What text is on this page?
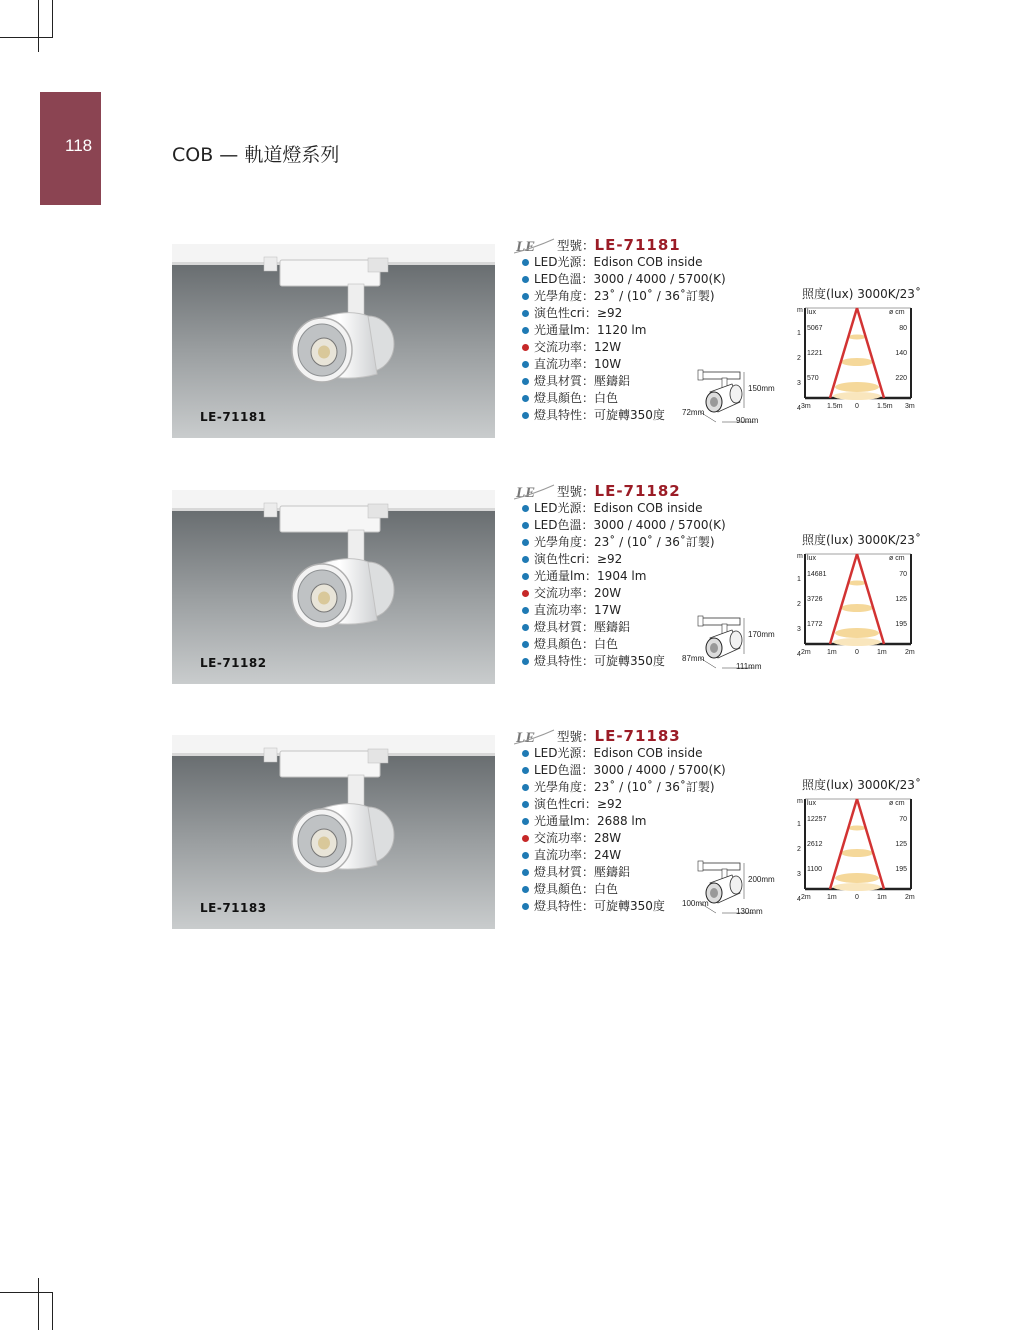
118	COB — 軌道燈系列
LE-71181
LE 型號：LE-71181
LED光源：Edison COB inside
LED色溫：3000 / 4000 / 5700(K)
光學角度：23˚ / (10˚ / 36˚訂製)
演色性cri：≥92
光通量lm：1120 lm
交流功率：12W
直流功率：10W
燈具材質：壓鑄鋁
燈具顏色：白色
燈具特性：可旋轉350度
150mm
72mm
90mm
照度(lux) 3000K/23˚
m lux	ø cm
1
2
3
4
5067
1221
570
80
140
220
3m 1.5m 0	1.5m 3m
LE-71182
LE 型號：LE-71182
LED光源：Edison COB inside
LED色溫：3000 / 4000 / 5700(K)
光學角度：23˚ / (10˚ / 36˚訂製)
演色性cri：≥92
光通量lm：1904 lm
交流功率：20W
直流功率：17W
燈具材質：壓鑄鋁
燈具顏色：白色
燈具特性：可旋轉350度
170mm
87mm
111mm
照度(lux) 3000K/23˚
m lux	ø cm
1
2
3
4
14681
3726
1772
70
125
195
2m 1m	0	1m	2m
LE-71183
LE 型號：LE-71183
LED光源：Edison COB inside
LED色溫：3000 / 4000 / 5700(K)
光學角度：23˚ / (10˚ / 36˚訂製)
演色性cri：≥92
光通量lm：2688 lm
交流功率：28W
直流功率：24W
燈具材質：壓鑄鋁
燈具顏色：白色
燈具特性：可旋轉350度
200mm
100mm
130mm
照度(lux) 3000K/23˚
m lux	ø cm
1
2
3
4
12257
2612
1100
70
125
195
2m 1m	0	1m	2m
